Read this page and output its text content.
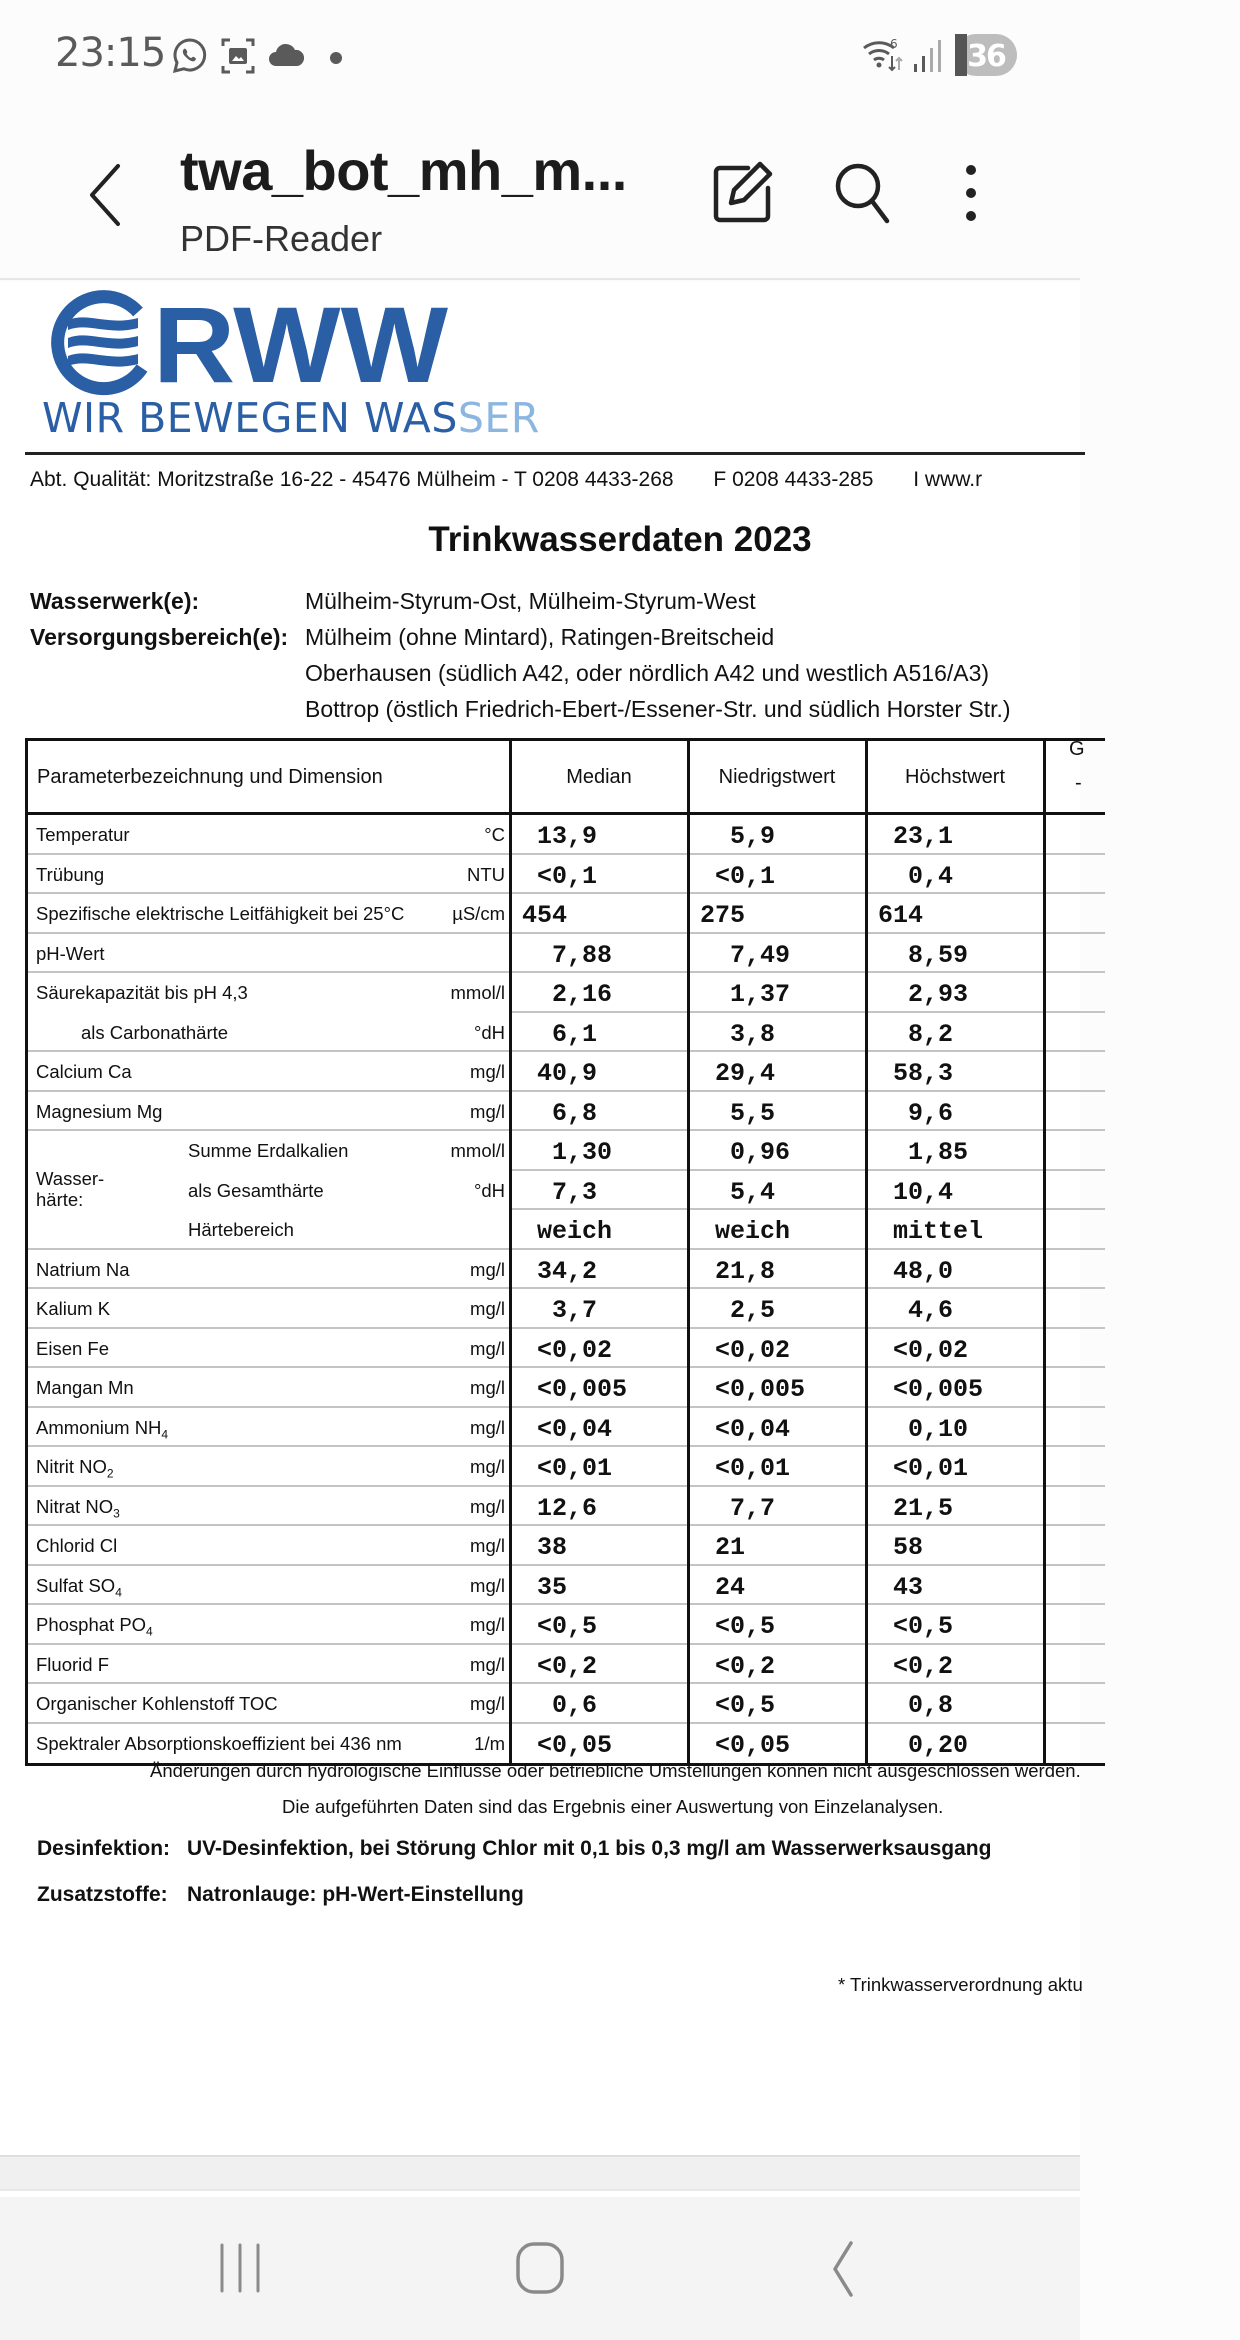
23:15	6	36
twa_bot_mh_m...
PDF-Reader
RWW
WIR BEWEGEN WASSER
Abt. Qualität: Moritzstraße 16-22 - 45476 Mülheim - T 0208 4433-268 F 0208 4433-285 I www.r
Trinkwasserdaten 2023
Wasserwerk(e):	Mülheim-Styrum-Ost, Mülheim-Styrum-West
Versorgungsbereich(e): Mülheim (ohne Mintard), Ratingen-Breitscheid
Oberhausen (südlich A42, oder nördlich A42 und westlich A516/A3)
Bottrop (östlich Friedrich-Ebert-/Essener-Str. und südlich Horster Str.)
Parameterbezeichnung und Dimension	Median	Niedrigstwert	Höchstwert
G
-
Temperatur	°C 13,9	5,9	23,1
Trübung	NTU <0,1	<0,1	0,4
Spezifische elektrische Leitfähigkeit bei 25°C	µS/cm 454	275	614
pH-Wert	7,88	7,49	8,59
Säurekapazität bis pH 4,3	mmol/l 2,16	1,37	2,93
als Carbonathärte	°dH 6,1	3,8	8,2
Calcium Ca	mg/l 40,9	29,4	58,3
Magnesium Mg	mg/l 6,8	5,5	9,6
Summe Erdalkalien	mmol/l 1,30	0,96	1,85
als Gesamthärte	°dH 7,3	5,4	10,4
Härtebereich	weich	weich	mittel
Natrium Na	mg/l 34,2	21,8	48,0
Kalium K	mg/l 3,7	2,5	4,6
Eisen Fe	mg/l <0,02	<0,02	<0,02
Mangan Mn	mg/l <0,005	<0,005	<0,005
Ammonium $NH_4$	mg/l <0,04	<0,04	0,10
Nitrit $NO_2$	mg/l <0,01	<0,01	<0,01
Nitrat $NO_3$	mg/l 12,6	7,7	21,5
Chlorid Cl	mg/l 38	21	58
Sulfat $SO_4$	mg/l 35	24	43
Phosphat $PO_4$	mg/l <0,5	<0,5	<0,5
Fluorid F	mg/l <0,2	<0,2	<0,2
Organischer Kohlenstoff TOC	mg/l 0,6	<0,5	0,8
Spektraler Absorptionskoeffizient bei 436 nm	1/m <0,05	<0,05	0,20
Wasser-
härte:
Änderungen durch hydrologische Einflüsse oder betriebliche Umstellungen können nicht ausgeschlossen werden.
Die aufgeführten Daten sind das Ergebnis einer Auswertung von Einzelanalysen.
Desinfektion: UV-Desinfektion, bei Störung Chlor mit 0,1 bis 0,3 mg/l am Wasserwerksausgang
Zusatzstoffe: Natronlauge: pH-Wert-Einstellung
* Trinkwasserverordnung aktu
